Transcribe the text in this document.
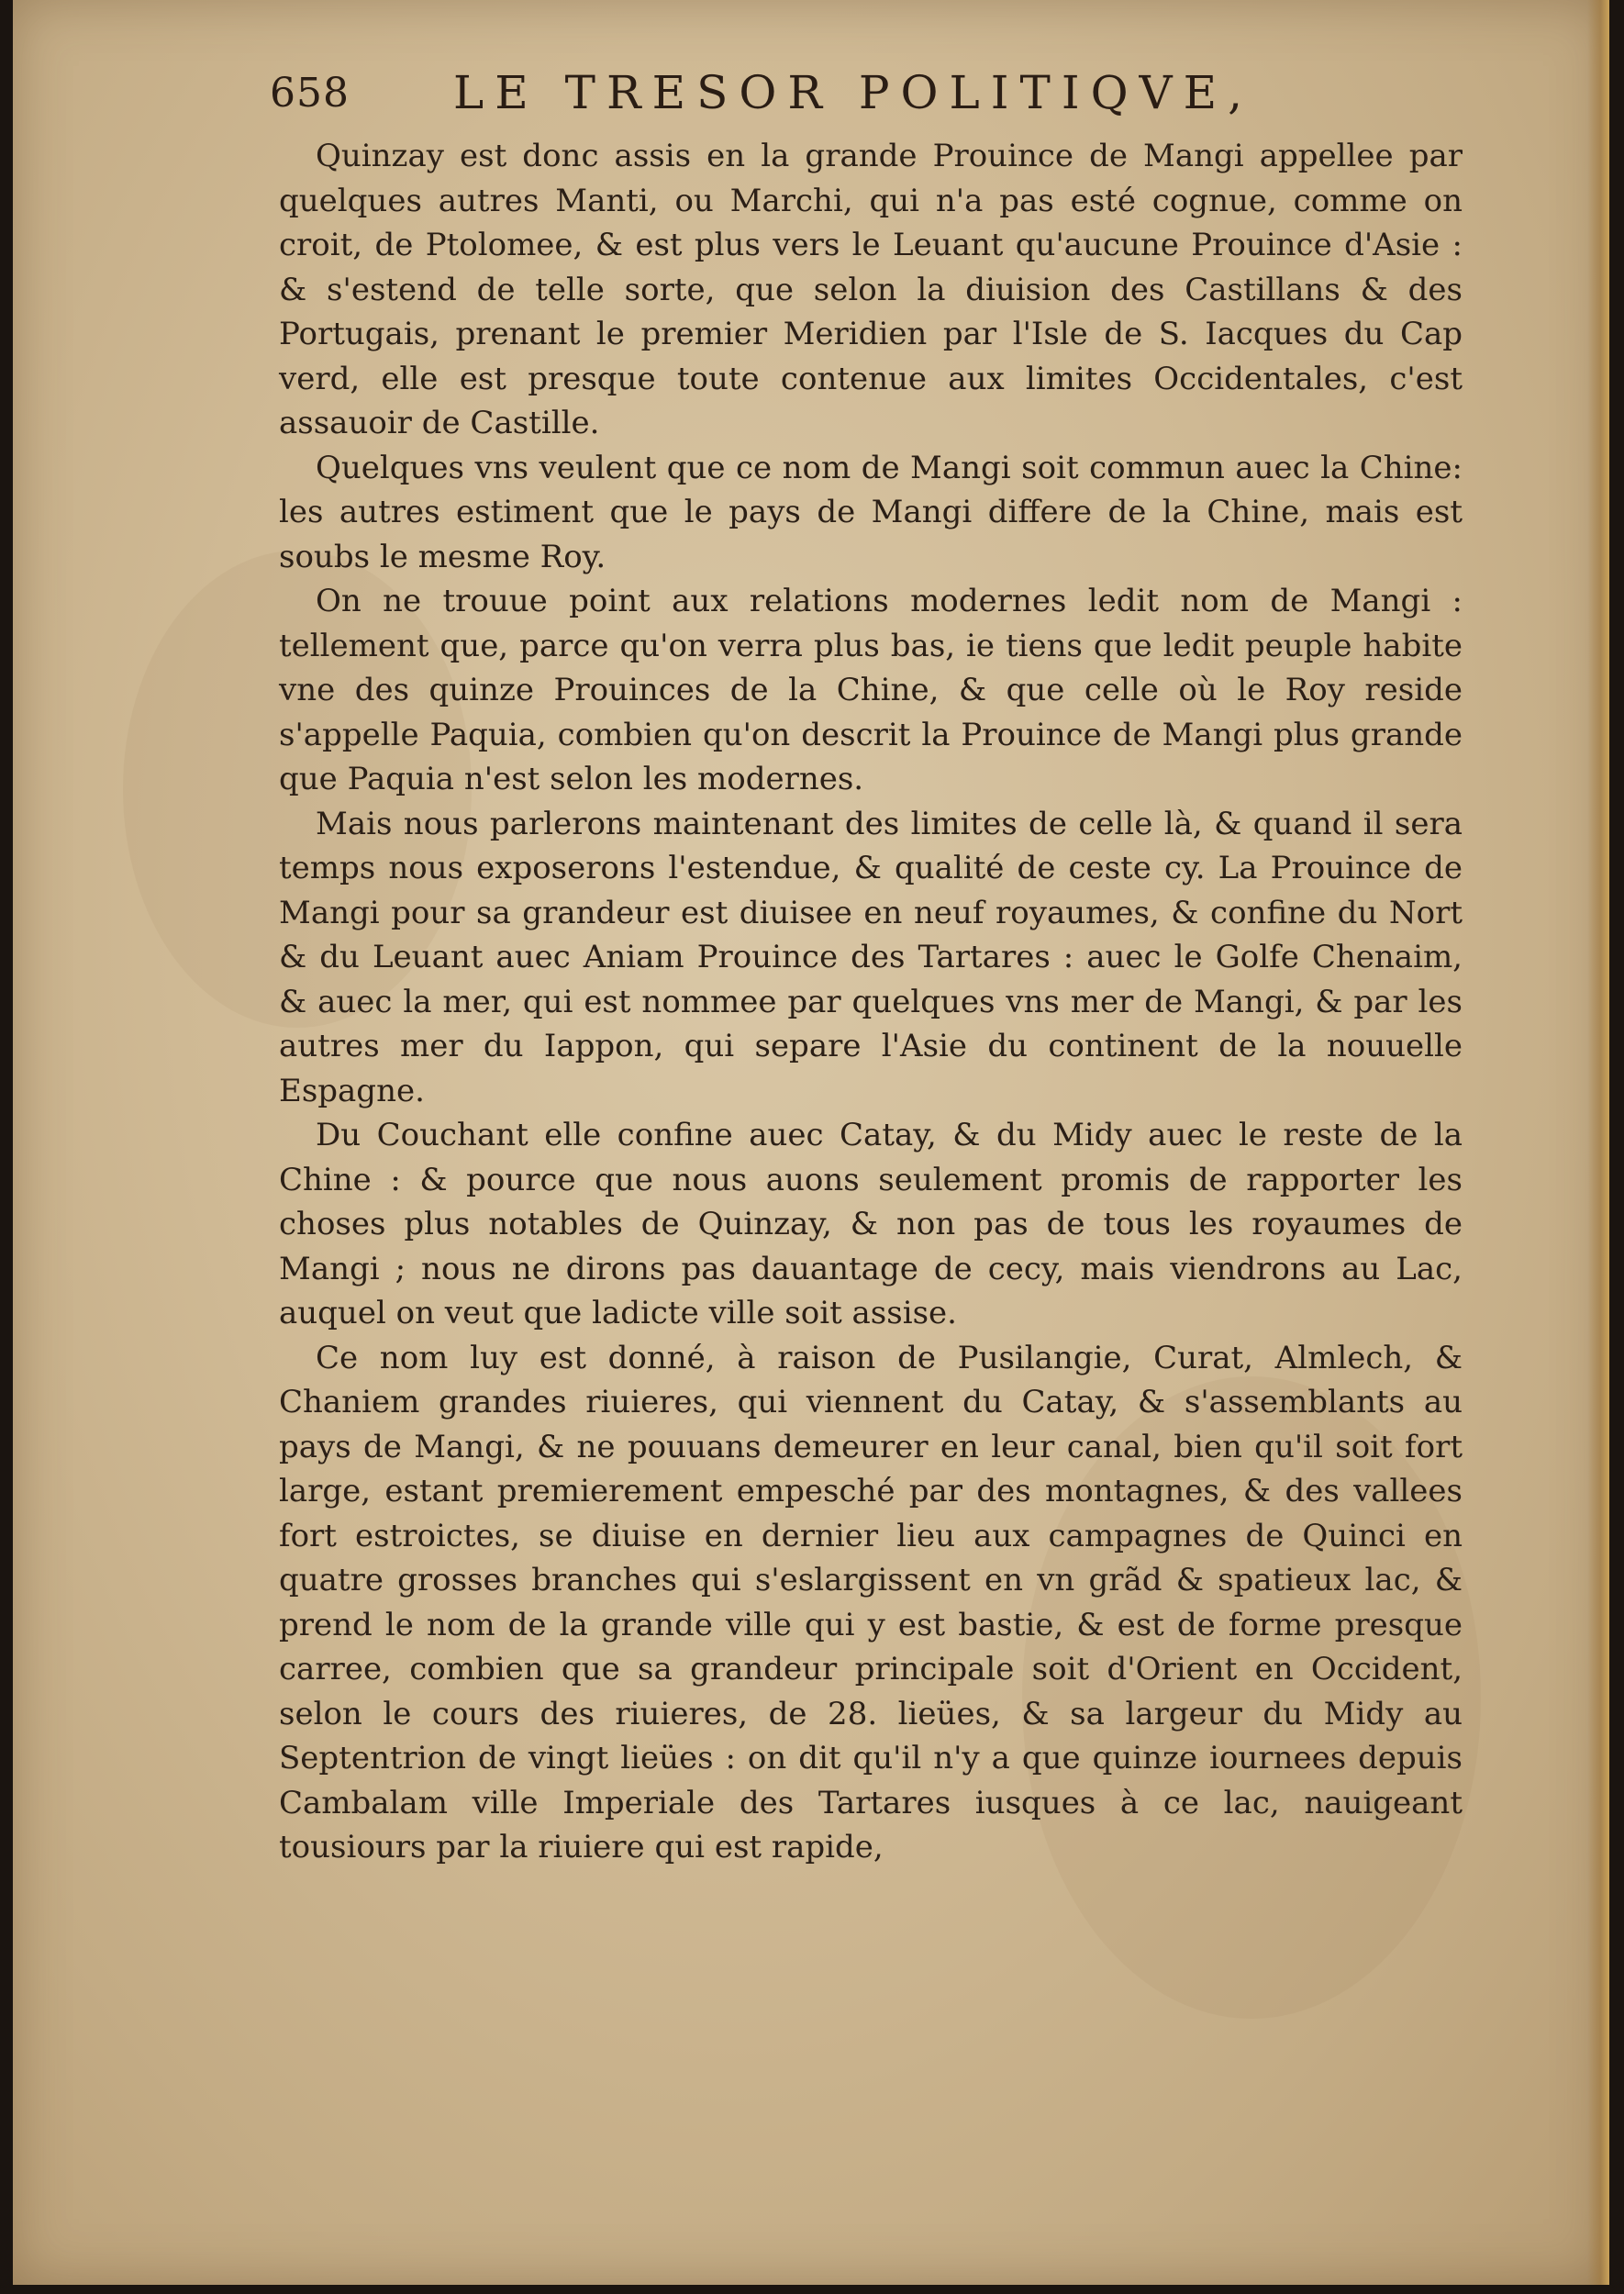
658 LE TRESOR POLITIQVE,

Quinzay est donc assis en la grande Prouince de Mangi appellee par quelques autres Manti, ou Marchi, qui n'a pas esté cognue, comme on croit, de Ptolomee, & est plus vers le Leuant qu'aucune Prouince d'Asie : & s'estend de telle sorte, que selon la diuision des Castillans & des Portugais, prenant le premier Meridien par l'Isle de S. Iacques du Cap verd, elle est presque toute contenue aux limites Occidentales, c'est assauoir de Castille.

Quelques vns veulent que ce nom de Mangi soit commun auec la Chine: les autres estiment que le pays de Mangi differe de la Chine, mais est soubs le mesme Roy.

On ne trouue point aux relations modernes ledit nom de Mangi : tellement que, parce qu'on verra plus bas, ie tiens que ledit peuple habite vne des quinze Prouinces de la Chine, & que celle où le Roy reside s'appelle Paquia, combien qu'on descrit la Prouince de Mangi plus grande que Paquia n'est selon les modernes.

Mais nous parlerons maintenant des limites de celle là, & quand il sera temps nous exposerons l'estendue, & qualité de ceste cy. La Prouince de Mangi pour sa grandeur est diuisee en neuf royaumes, & confine du Nort & du Leuant auec Aniam Prouince des Tartares : auec le Golfe Chenaim, & auec la mer, qui est nommee par quelques vns mer de Mangi, & par les autres mer du Iappon, qui separe l'Asie du continent de la nouuelle Espagne.

Du Couchant elle confine auec Catay, & du Midy auec le reste de la Chine : & pource que nous auons seulement promis de rapporter les choses plus notables de Quinzay, & non pas de tous les royaumes de Mangi ; nous ne dirons pas dauantage de cecy, mais viendrons au Lac, auquel on veut que ladicte ville soit assise.

Ce nom luy est donné, à raison de Pusilangie, Curat, Almlech, & Chaniem grandes riuieres, qui viennent du Catay, & s'assemblants au pays de Mangi, & ne pouuans demeurer en leur canal, bien qu'il soit fort large, estant premierement empesché par des montagnes, & des vallees fort estroictes, se diuise en dernier lieu aux campagnes de Quinci en quatre grosses branches qui s'eslargissent en vn grãd & spatieux lac, & prend le nom de la grande ville qui y est bastie, & est de forme presque carree, combien que sa grandeur principale soit d'Orient en Occident, selon le cours des riuieres, de 28. lieües, & sa largeur du Midy au Septentrion de vingt lieües : on dit qu'il n'y a que quinze iournees depuis Cambalam ville Imperiale des Tartares iusques à ce lac, nauigeant tousiours par la riuiere qui est rapide,
